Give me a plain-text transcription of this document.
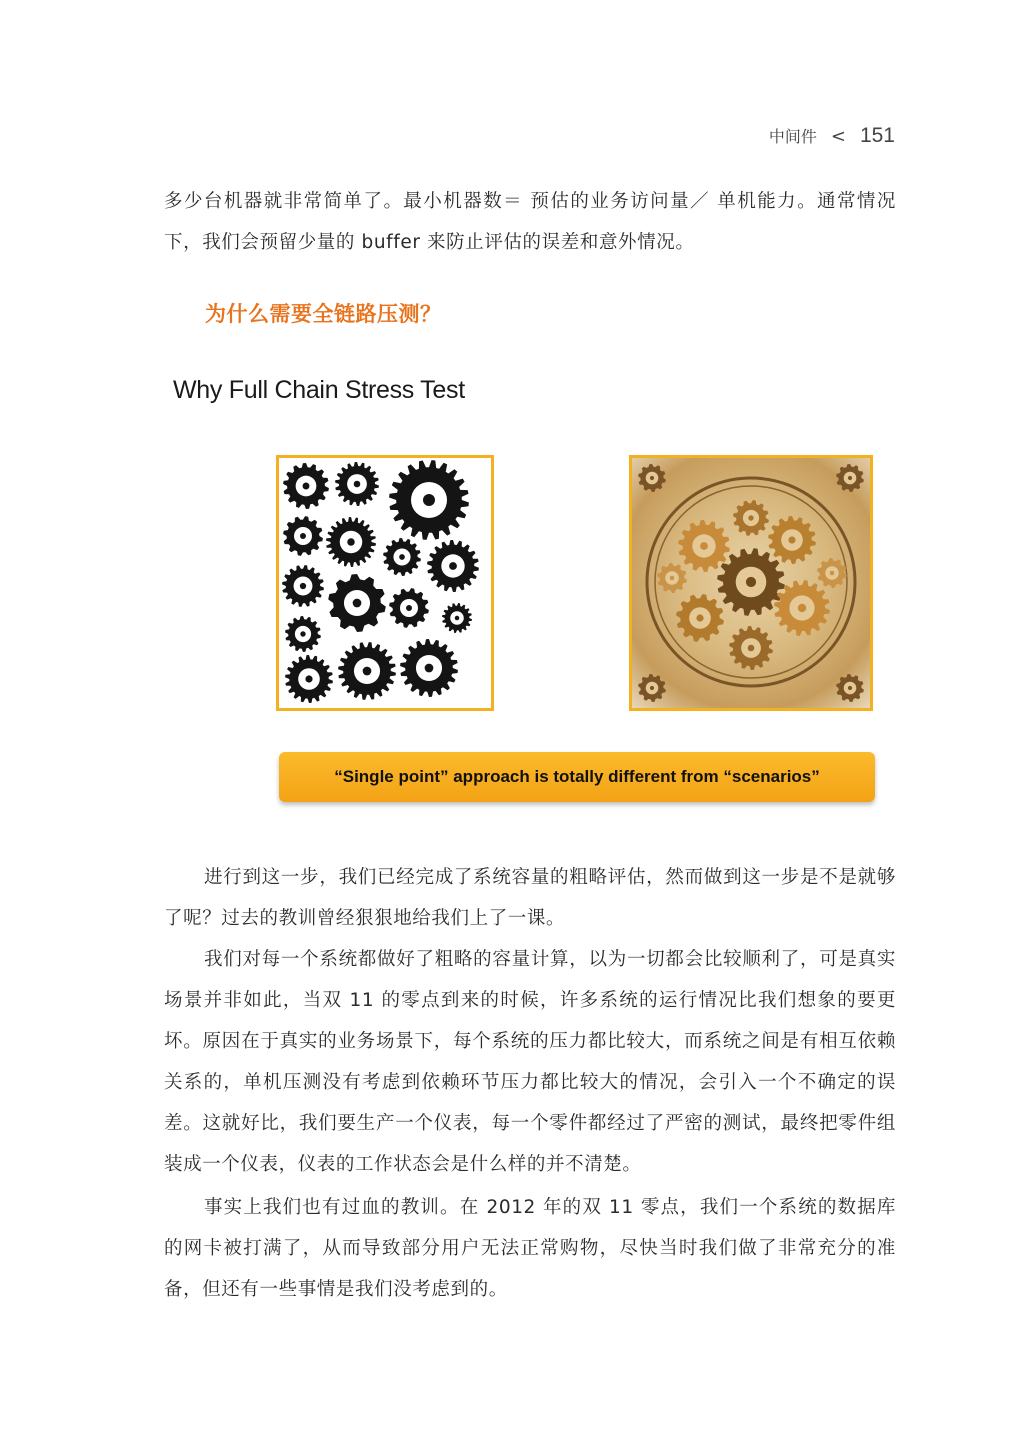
中间件 < 151

多少台机器就非常简单了。最小机器数＝ 预估的业务访问量／ 单机能力。通常情况下，我们会预留少量的 buffer 来防止评估的误差和意外情况。

为什么需要全链路压测？
Why Full Chain Stress Test
“Single point” approach is totally different from “scenarios”

进行到这一步，我们已经完成了系统容量的粗略评估，然而做到这一步是不是就够了呢？过去的教训曾经狠狠地给我们上了一课。

我们对每一个系统都做好了粗略的容量计算，以为一切都会比较顺利了，可是真实场景并非如此，当双 11 的零点到来的时候，许多系统的运行情况比我们想象的要更坏。原因在于真实的业务场景下，每个系统的压力都比较大，而系统之间是有相互依赖关系的，单机压测没有考虑到依赖环节压力都比较大的情况，会引入一个不确定的误差。这就好比，我们要生产一个仪表，每一个零件都经过了严密的测试，最终把零件组装成一个仪表，仪表的工作状态会是什么样的并不清楚。

事实上我们也有过血的教训。在 2012 年的双 11 零点，我们一个系统的数据库的网卡被打满了，从而导致部分用户无法正常购物，尽快当时我们做了非常充分的准备，但还有一些事情是我们没考虑到的。
